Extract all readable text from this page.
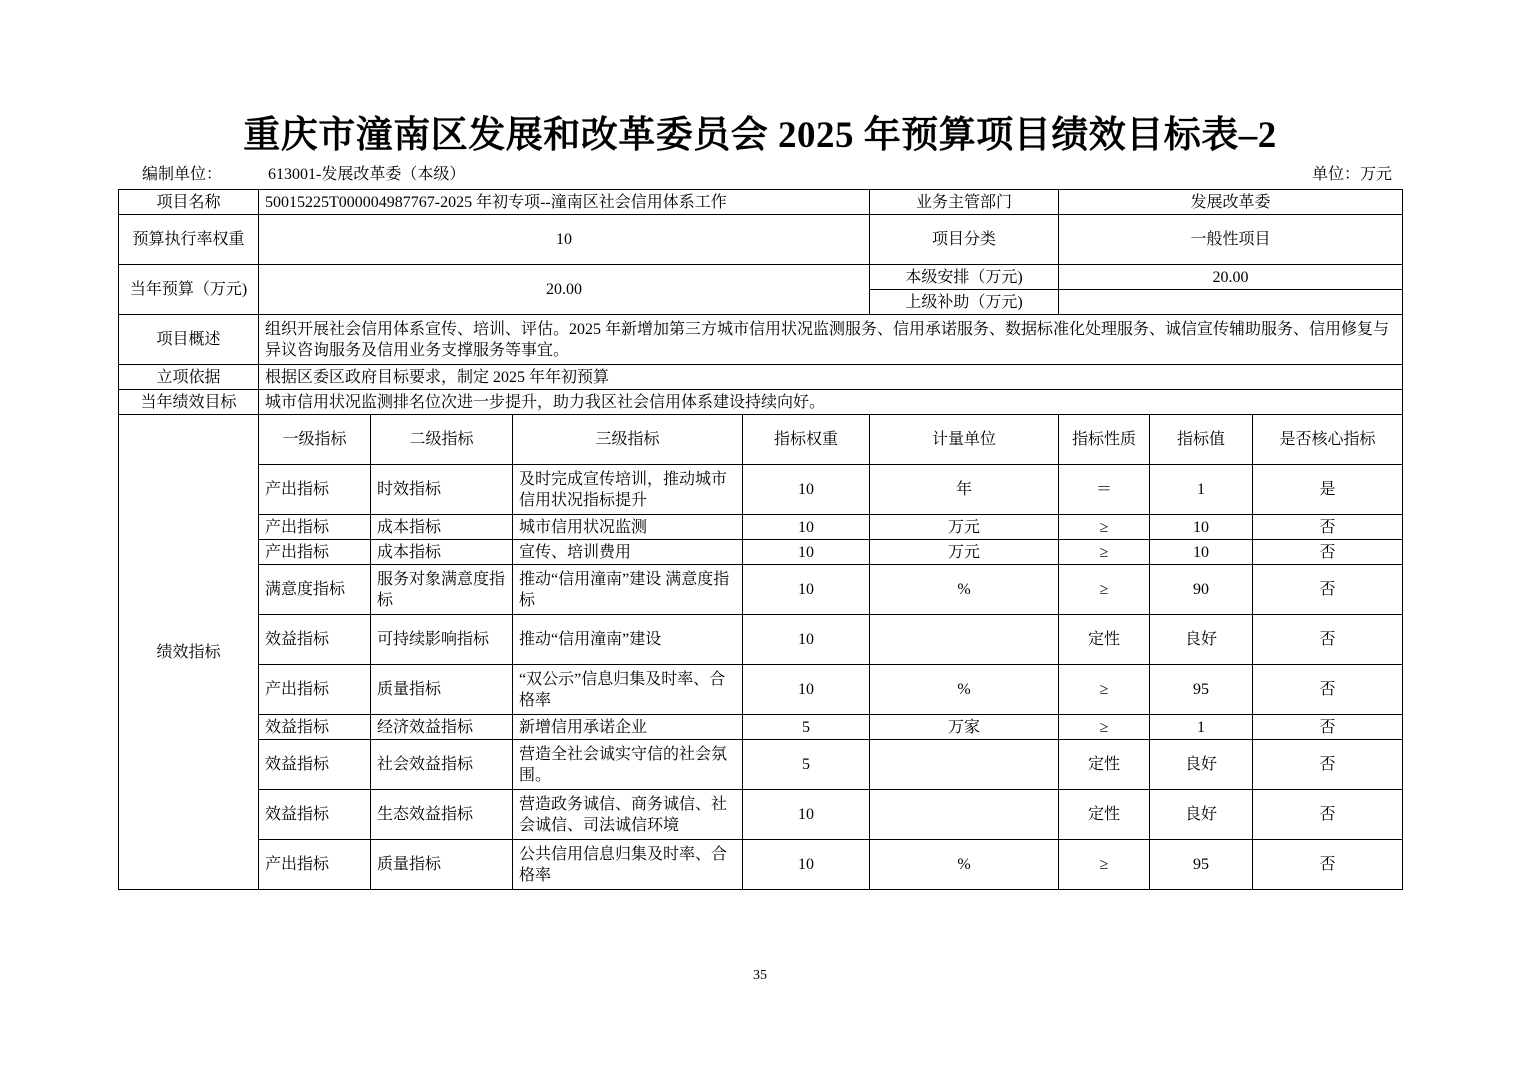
重庆市潼南区发展和改革委员会 2025 年预算项目绩效目标表–2
编制单位：	613001-发展改革委（本级）	单位：万元
项目名称	50015225T000004987767-2025 年初专项--潼南区社会信用体系工作				业务主管部门	发展改革委		
预算执行率权重	10				项目分类	一般性项目		
当年预算（万元)	20.00				本级安排（万元)	20.00		
					上级补助（万元)			
项目概述	组织开展社会信用体系宣传、培训、评估。2025 年新增加第三方城市信用状况监测服务、信用承诺服务、数据标准化处理服务、诚信宣传辅助服务、信用修复与异议咨询服务及信用业务支撑服务等事宜。							
立项依据	根据区委区政府目标要求，制定 2025 年年初预算							
当年绩效目标	城市信用状况监测排名位次进一步提升，助力我区社会信用体系建设持续向好。							
绩效指标	一级指标	二级指标	三级指标	指标权重	计量单位	指标性质	指标值	是否核心指标
	产出指标	时效指标	及时完成宣传培训，推动城市信用状况指标提升	10	年	＝	1	是
	产出指标	成本指标	城市信用状况监测	10	万元	≥	10	否
	产出指标	成本指标	宣传、培训费用	10	万元	≥	10	否
	满意度指标	服务对象满意度指标	推动“信用潼南”建设 满意度指标	10	%	≥	90	否
	效益指标	可持续影响指标	推动“信用潼南”建设	10		定性	良好	否
	产出指标	质量指标	“双公示”信息归集及时率、合格率	10	%	≥	95	否
	效益指标	经济效益指标	新增信用承诺企业	5	万家	≥	1	否
	效益指标	社会效益指标	营造全社会诚实守信的社会氛围。	5		定性	良好	否
	效益指标	生态效益指标	营造政务诚信、商务诚信、社会诚信、司法诚信环境	10		定性	良好	否
	产出指标	质量指标	公共信用信息归集及时率、合格率	10	%	≥	95	否
35
